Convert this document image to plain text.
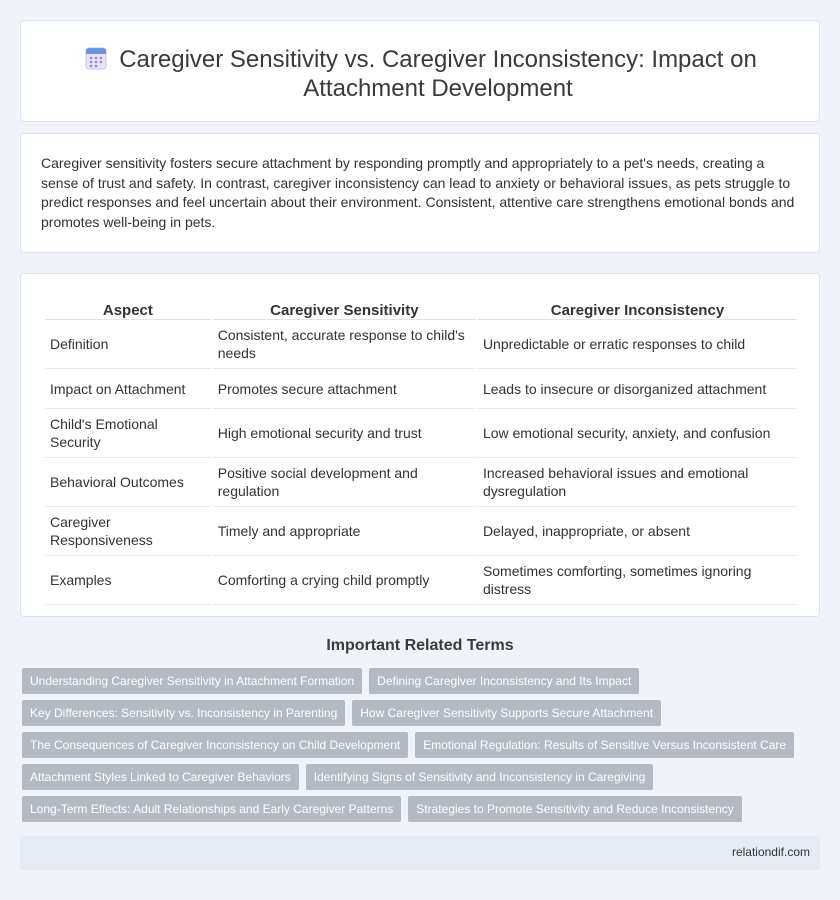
Caregiver Sensitivity vs. Caregiver Inconsistency: Impact on Attachment Development

Caregiver sensitivity fosters secure attachment by responding promptly and appropriately to a pet's needs, creating a sense of trust and safety. In contrast, caregiver inconsistency can lead to anxiety or behavioral issues, as pets struggle to predict responses and feel uncertain about their environment. Consistent, attentive care strengthens emotional bonds and promotes well-being in pets.

Aspect	Caregiver Sensitivity	Caregiver Inconsistency
Definition	Consistent, accurate response to child's needs	Unpredictable or erratic responses to child
Impact on Attachment	Promotes secure attachment	Leads to insecure or disorganized attachment
Child's Emotional Security	High emotional security and trust	Low emotional security, anxiety, and confusion
Behavioral Outcomes	Positive social development and regulation	Increased behavioral issues and emotional dysregulation
Caregiver Responsiveness	Timely and appropriate	Delayed, inappropriate, or absent
Examples	Comforting a crying child promptly	Sometimes comforting, sometimes ignoring distress
Important Related Terms
Understanding Caregiver Sensitivity in Attachment Formation	Defining Caregiver Inconsistency and Its Impact
Key Differences: Sensitivity vs. Inconsistency in Parenting	How Caregiver Sensitivity Supports Secure Attachment
The Consequences of Caregiver Inconsistency on Child Development	Emotional Regulation: Results of Sensitive Versus Inconsistent Care
Attachment Styles Linked to Caregiver Behaviors	Identifying Signs of Sensitivity and Inconsistency in Caregiving
Long-Term Effects: Adult Relationships and Early Caregiver Patterns	Strategies to Promote Sensitivity and Reduce Inconsistency
relationdif.com
